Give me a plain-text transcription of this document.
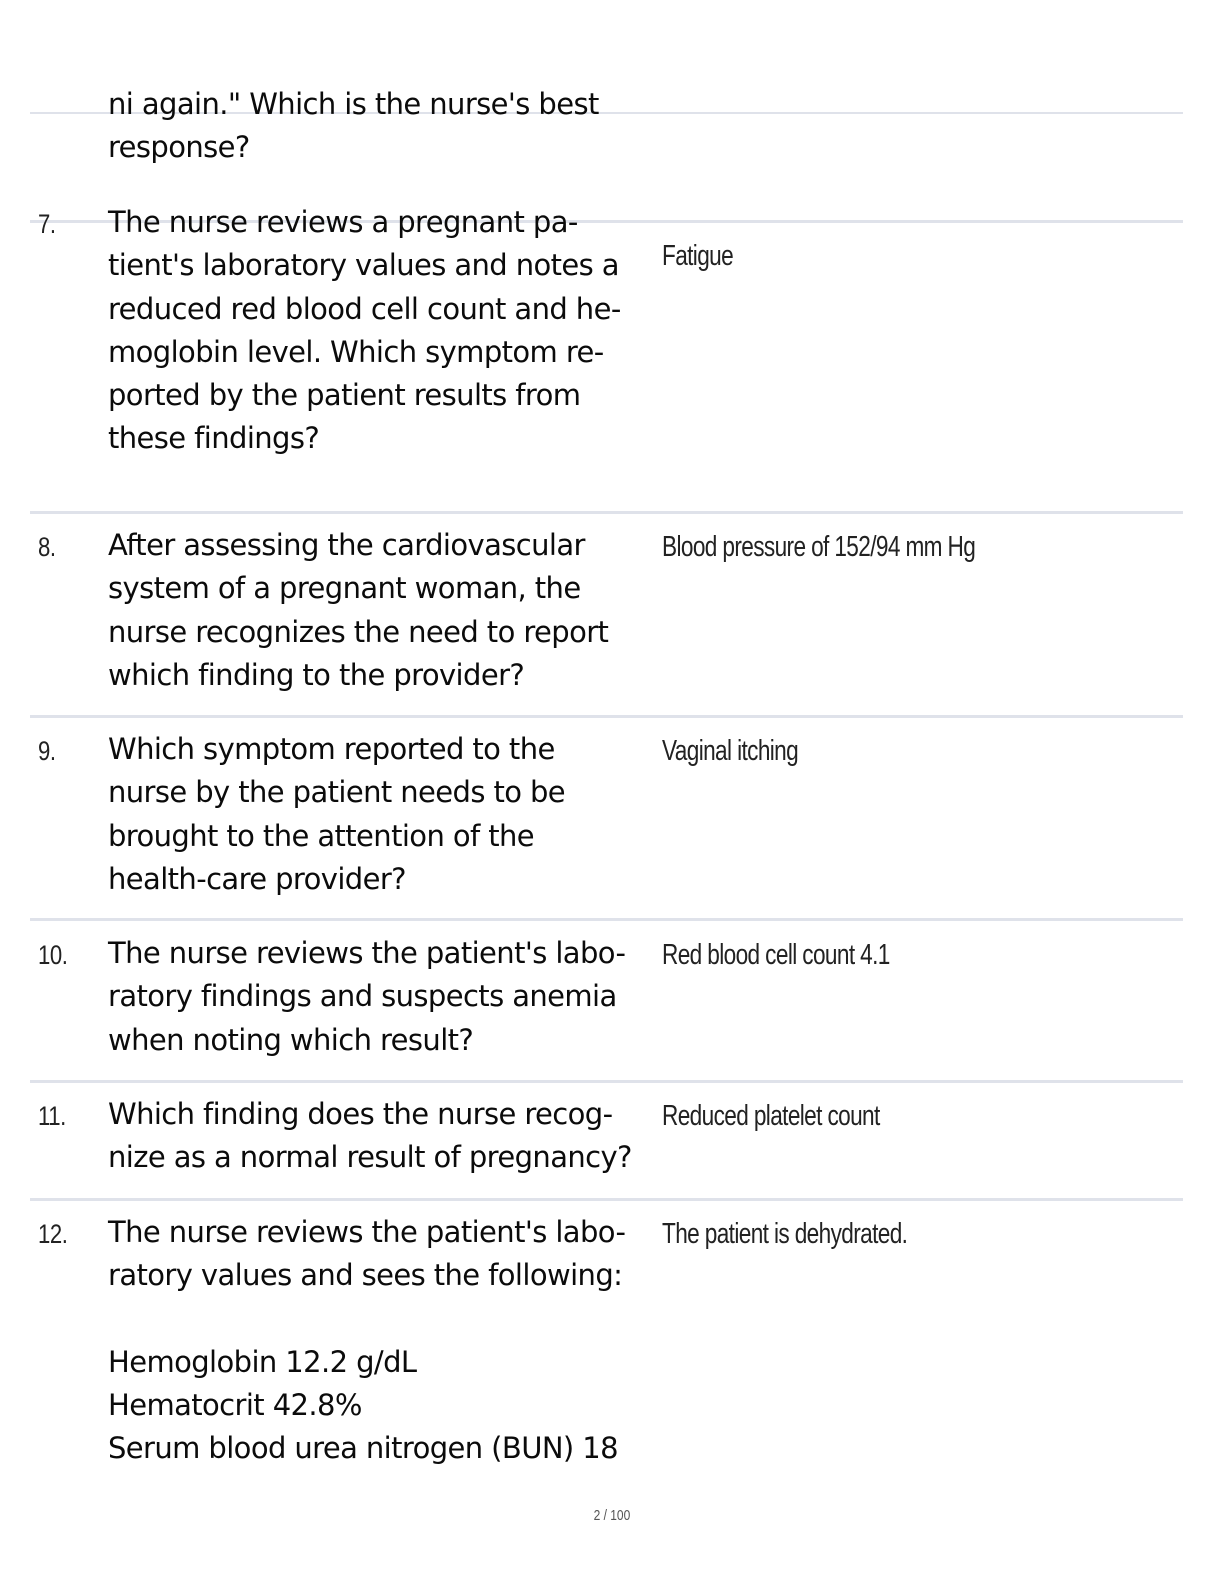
ni again." Which is the nurse's best
response?
7. The nurse reviews a pregnant pa-
tient's laboratory values and notes a
reduced red blood cell count and he-
moglobin level. Which symptom re-
ported by the patient results from
these findings?
Fatigue
8. After assessing the cardiovascular
system of a pregnant woman, the
nurse recognizes the need to report
which finding to the provider?
Blood pressure of 152/94 mm Hg
9. Which symptom reported to the
nurse by the patient needs to be
brought to the attention of the
health-care provider?
Vaginal itching
10. The nurse reviews the patient's labo-
ratory findings and suspects anemia
when noting which result?
Red blood cell count 4.1
11. Which finding does the nurse recog-
nize as a normal result of pregnancy?
Reduced platelet count
12. The nurse reviews the patient's labo-
ratory values and sees the following:

Hemoglobin 12.2 g/dL
Hematocrit 42.8%
Serum blood urea nitrogen (BUN) 18
The patient is dehydrated.
2 / 100
